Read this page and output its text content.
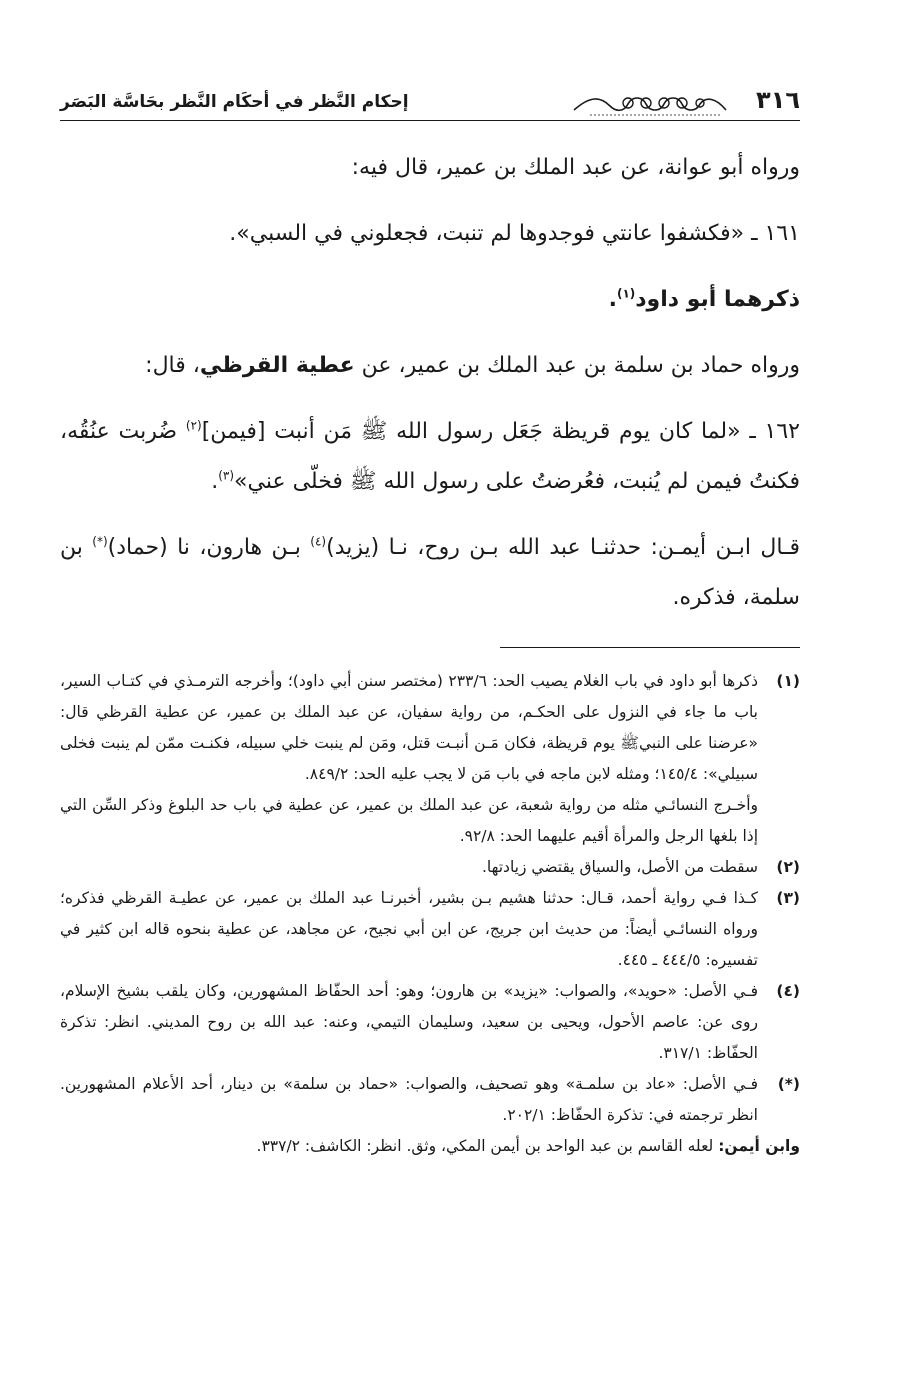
٣١٦
إحكام النَّظر في أحكَام النَّظر بحَاسَّة البَصَر

ورواه أبو عوانة، عن عبد الملك بن عمير، قال فيه:

١٦١ ـ «فكشفوا عانتي فوجدوها لم تنبت، فجعلوني في السبي».

ذكرهما أبو داود$^{(١)}$.

ورواه حماد بن سلمة بن عبد الملك بن عمير، عن عطية القرظي، قال:

١٦٢ ـ «لما كان يوم قريظة جَعَل رسول الله ﷺ مَن أنبت [فيمن]$^{(٢)}$ ضُربت عنُقُه، فكنتُ فيمن لم يُنبت، فعُرضتُ على رسول الله ﷺ فخلّى عني»$^{(٣)}$.

قـال ابـن أيمـن: حدثنـا عبد الله بـن روح، نـا (يزيد)$^{(٤)}$ بـن هارون، نا (حماد)(*) بن سلمة، فذكره.

(١)

ذكرها أبو داود في باب الغلام يصيب الحد: ٢٣٣/٦ (مختصر سنن أبي داود)؛ وأخرجه الترمـذي في كتـاب السير، باب ما جاء في النزول على الحكـم، من رواية سفيان، عن عبد الملك بن عمير، عن عطية القرظي قال: «عرضنا على النبيﷺ يوم قريظة، فكان مَـن أنبـت قتل، ومَن لم ينبت خلي سبيله، فكنـت ممّن لم ينبت فخلى سبيلي»: ١٤٥/٤؛ ومثله لابن ماجه في باب مَن لا يجب عليه الحد: ٨٤٩/٢.

وأخـرج النسائـي مثله من رواية شعبة، عن عبد الملك بن عمير، عن عطية في باب حد البلوغ وذكر السِّن التي إذا بلغها الرجل والمرأة أقيم عليهما الحد: ٩٢/٨.

(٢)

سقطت من الأصل، والسياق يقتضي زيادتها.

(٣)

كـذا فـي رواية أحمد، قـال: حدثنا هشيم بـن بشير، أخبرنـا عبد الملك بن عمير، عن عطيـة القرظي فذكره؛ ورواه النسائـي أيضاً: من حديث ابن جريج، عن ابن أبي نجيح، عن مجاهد، عن عطية بنحوه قاله ابن كثير في تفسيره: ٤٤٤/٥ ـ ٤٤٥.

(٤)

فـي الأصل: «حويد»، والصواب: «يزيد» بن هارون؛ وهو: أحد الحفّاظ المشهورين، وكان يلقب بشيخ الإسلام، روى عن: عاصم الأحول، ويحيى بن سعيد، وسليمان التيمي، وعنه: عبد الله بن روح المديني. انظر: تذكرة الحفّاظ: ٣١٧/١.

(*)

فـي الأصل: «عاد بن سلمـة» وهو تصحيف، والصواب: «حماد بن سلمة» بن دينار، أحد الأعلام المشهورين. انظر ترجمته في: تذكرة الحفّاظ: ٢٠٢/١.

وابن أيمن: لعله القاسم بن عبد الواحد بن أيمن المكي، وثق. انظر: الكاشف: ٣٣٧/٢.
